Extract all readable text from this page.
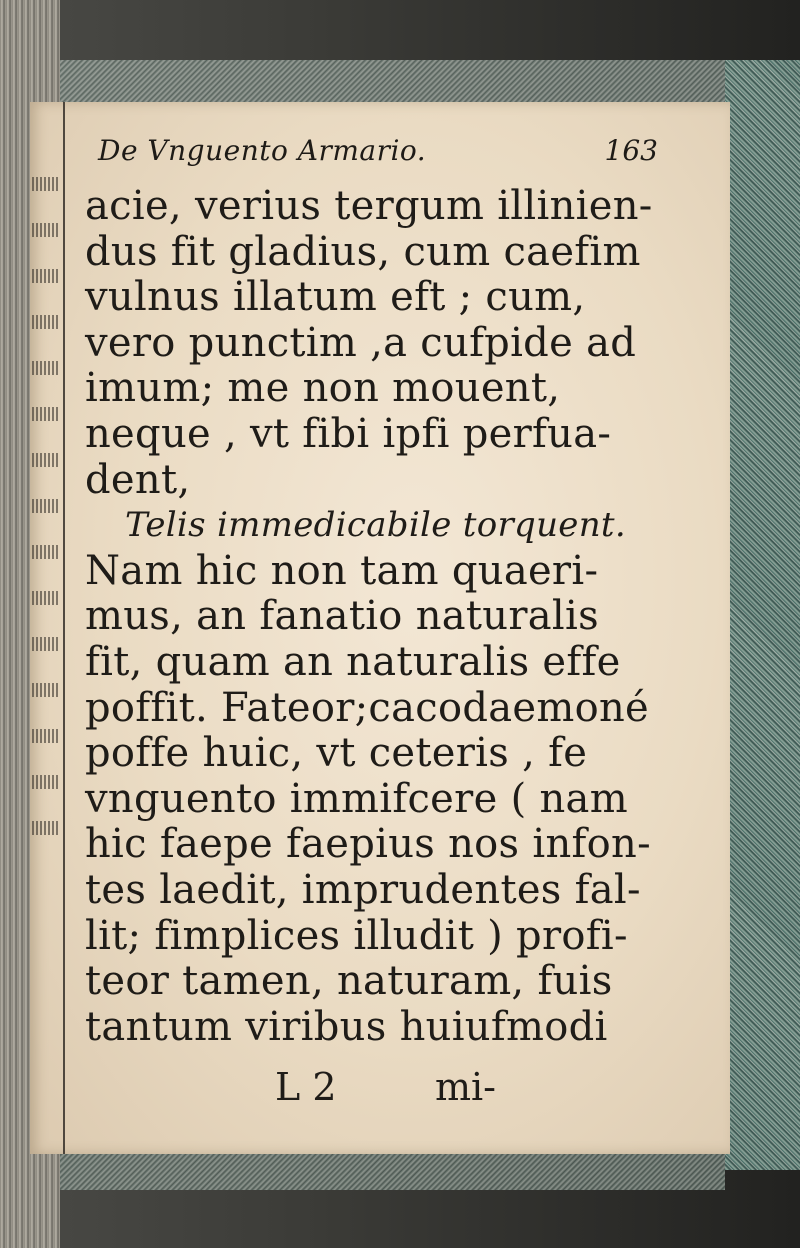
De Vnguento Armario.	163
acie, verius tergum illinien-
dus fit gladius, cum caefim
vulnus illatum eft ; cum,
vero punctim ,a cufpide ad
imum; me non mouent,
neque , vt fibi ipfi perfua-
dent,
Telis immedicabile torquent.
Nam hic non tam quaeri-
mus, an fanatio naturalis
fit, quam an naturalis effe
poffit. Fateor;cacodaemoné
poffe huic, vt ceteris , fe
vnguento immifcere ( nam
hic faepe faepius nos infon-
tes laedit, imprudentes fal-
lit; fimplices illudit ) profi-
teor tamen, naturam, fuis
tantum viribus huiufmodi
L 2	mi-
